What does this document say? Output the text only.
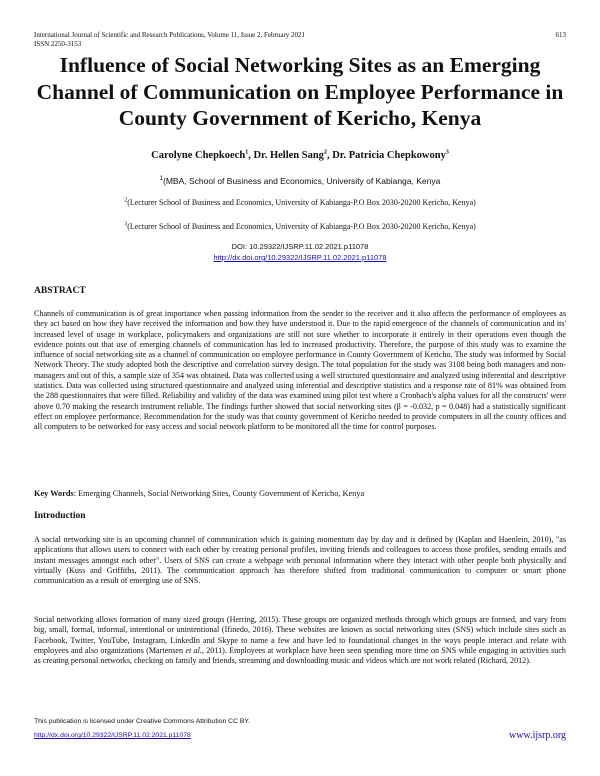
International Journal of Scientific and Research Publications, Volume 11, Issue 2, February 2021
ISSN 2250-3153
613
Influence of Social Networking Sites as an Emerging Channel of Communication on Employee Performance in County Government of Kericho, Kenya
Carolyne Chepkoech$^1$, Dr. Hellen Sang$^2$, Dr. Patricia Chepkowony$^3$
$^1$(MBA, School of Business and Economics, University of Kabianga, Kenya
$^2$(Lecturer School of Business and Economics, University of Kabianga-P.O Box 2030-20200 Kericho, Kenya)
$^3$(Lecturer School of Business and Economics, University of Kabianga-P.O Box 2030-20200 Kericho, Kenya)
DOI: 10.29322/IJSRP.11.02.2021.p11078
http://dx.doi.org/10.29322/IJSRP.11.02.2021.p11078
ABSTRACT
Channels of communication is of great importance when passing information from the sender to the receiver and it also affects the performance of employees as they act based on how they have received the information and how they have understood it. Due to the rapid emergence of the channels of communication and its' increased level of usage in workplace, policymakers and organizations are still not sure whether to incorporate it entirely in their operations even though the evidence points out that use of emerging channels of communication has led to increased productivity. Therefore, the purpose of this study was to examine the influence of social networking site as a channel of communication on employee performance in County Government of Kericho. The study was informed by Social Network Theory. The study adopted both the descriptive and correlation survey design. The total population for the study was 3108 being both managers and non-managers and out of this, a sample size of 354 was obtained. Data was collected using a well structured questionnaire and analyzed using inferential and descriptive statistics. Data was collected using structured questionnaire and analyzed using inferential and descriptive statistics and a response rate of 81% was obtained from the 288 questionnaires that were filled. Reliability and validity of the data was examined using pilot test where a Cronbach's alpha values for all the constructs' were above 0.70 making the research instrument reliable. The findings further showed that social networking sites (β = -0.032, p = 0.048) had a statistically significant effect on employee performance. Recommendation for the study was that county government of Kericho needed to provide computers in all the county offices and all computers to be networked for easy access and social network platform to be monitored all the time for control purposes.
Key Words: Emerging Channels, Social Networking Sites, County Government of Kericho, Kenya
Introduction
A social networking site is an upcoming channel of communication which is gaining momentum day by day and is defined by (Kaplan and Haenlein, 2010), "as applications that allows users to connect with each other by creating personal profiles, inviting friends and colleagues to access those profiles, sending emails and instant messages amongst each other". Users of SNS can create a webpage with personal information where they interact with other people both physically and virtually (Kuss and Griffiths, 2011). The communication approach has therefore shifted from traditional communication to computer or smart phone communication as a result of emerging use of SNS.
Social networking allows formation of many sized groups (Herring, 2015). These groups are organized methods through which groups are formed, and vary from big, small, formal, informal, intentional or unintentional (Ifinedo, 2016). These websites are known as social networking sites (SNS) which include sites such as Facebook, Twitter, YouTube, Instagram, LinkedIn and Skype to name a few and have led to foundational changes in the ways people interact and relate with employees and also organizations (Martensen et al., 2011). Employees at workplace have been seen spending more time on SNS while engaging in activities such as creating personal networks, checking on family and friends, streaming and downloading music and videos which are not work related (Richard, 2012).
This publication is licensed under Creative Commons Attribution CC BY.
http://dx.doi.org/10.29322/IJSRP.11.02.2021.p11078	www.ijsrp.org
